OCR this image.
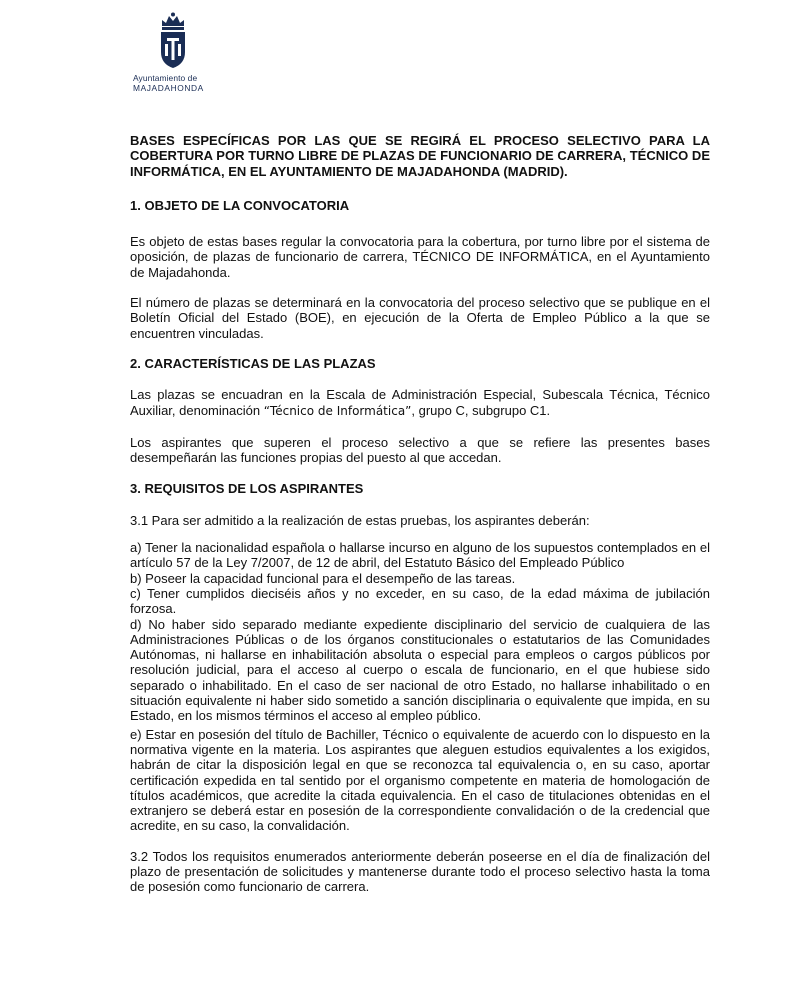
Ayuntamiento de
MAJADAHONDA

BASES ESPECÍFICAS POR LAS QUE SE REGIRÁ EL PROCESO SELECTIVO PARA LA COBERTURA POR TURNO LIBRE DE PLAZAS DE FUNCIONARIO DE CARRERA, TÉCNICO DE INFORMÁTICA, EN EL AYUNTAMIENTO DE MAJADAHONDA (MADRID).

1. OBJETO DE LA CONVOCATORIA

Es objeto de estas bases regular la convocatoria para la cobertura, por turno libre por el sistema de oposición, de plazas de funcionario de carrera, TÉCNICO DE INFORMÁTICA, en el Ayuntamiento de Majadahonda.

El número de plazas se determinará en la convocatoria del proceso selectivo que se publique en el Boletín Oficial del Estado (BOE), en ejecución de la Oferta de Empleo Público a la que se encuentren vinculadas.

2. CARACTERÍSTICAS DE LAS PLAZAS

Las plazas se encuadran en la Escala de Administración Especial, Subescala Técnica, Técnico Auxiliar, denominación “Técnico de Informática”, grupo C, subgrupo C1.

Los aspirantes que superen el proceso selectivo a que se refiere las presentes bases desempeñarán las funciones propias del puesto al que accedan.

3. REQUISITOS DE LOS ASPIRANTES

3.1 Para ser admitido a la realización de estas pruebas, los aspirantes deberán:

a) Tener la nacionalidad española o hallarse incurso en alguno de los supuestos contemplados en el artículo 57 de la Ley 7/2007, de 12 de abril, del Estatuto Básico del Empleado Público

b) Poseer la capacidad funcional para el desempeño de las tareas.

c) Tener cumplidos dieciséis años y no exceder, en su caso, de la edad máxima de jubilación forzosa.

d) No haber sido separado mediante expediente disciplinario del servicio de cualquiera de las Administraciones Públicas o de los órganos constitucionales o estatutarios de las Comunidades Autónomas, ni hallarse en inhabilitación absoluta o especial para empleos o cargos públicos por resolución judicial, para el acceso al cuerpo o escala de funcionario, en el que hubiese sido separado o inhabilitado. En el caso de ser nacional de otro Estado, no hallarse inhabilitado o en situación equivalente ni haber sido sometido a sanción disciplinaria o equivalente que impida, en su Estado, en los mismos términos el acceso al empleo público.

e) Estar en posesión del título de Bachiller, Técnico o equivalente de acuerdo con lo dispuesto en la normativa vigente en la materia. Los aspirantes que aleguen estudios equivalentes a los exigidos, habrán de citar la disposición legal en que se reconozca tal equivalencia o, en su caso, aportar certificación expedida en tal sentido por el organismo competente en materia de homologación de títulos académicos, que acredite la citada equivalencia. En el caso de titulaciones obtenidas en el extranjero se deberá estar en posesión de la correspondiente convalidación o de la credencial que acredite, en su caso, la convalidación.

3.2 Todos los requisitos enumerados anteriormente deberán poseerse en el día de finalización del plazo de presentación de solicitudes y mantenerse durante todo el proceso selectivo hasta la toma de posesión como funcionario de carrera.
